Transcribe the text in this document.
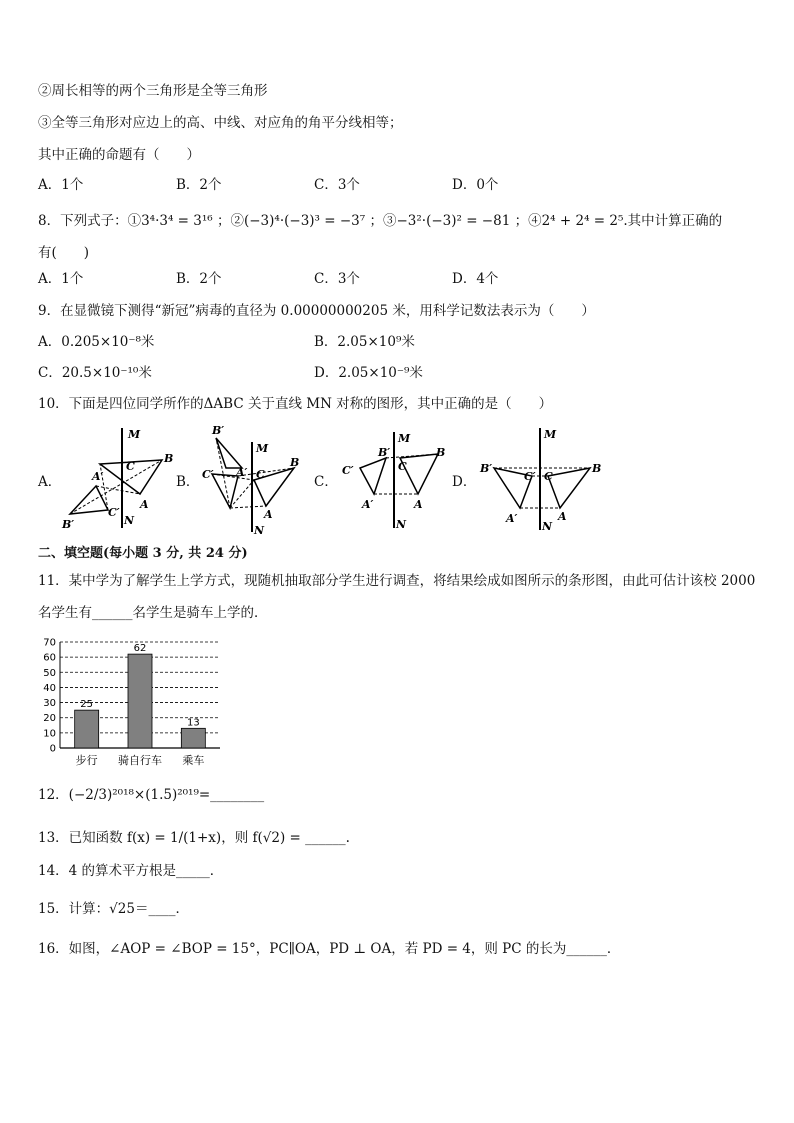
②周长相等的两个三角形是全等三角形
③全等三角形对应边上的高、中线、对应角的角平分线相等；
其中正确的命题有（　　）
A．1个	B．2个	C．3个	D．0个
8．下列式子：①3⁴·3⁴ = 3¹⁶ ；②(−3)⁴·(−3)³ = −3⁷ ；③−3²·(−3)² = −81 ；④2⁴ + 2⁴ = 2⁵.其中计算正确的
有(　　)
A．1个	B．2个	C．3个	D．4个
9．在显微镜下测得“新冠”病毒的直径为 0.00000000205 米，用科学记数法表示为（　　）
A．0.205×10⁻⁸米	B．2.05×10⁹米
C．20.5×10⁻¹⁰米	D．2.05×10⁻⁹米
10．下面是四位同学所作的ΔABC 关于直线 MN 对称的图形，其中正确的是（　　）
A．	B．	C．	D．
M
N
C
B
A
A′
C′
B′
B′
M
N
C′ A′ C
B
A
M
N
B′
C′
A′
C
B
A
M
N
B′	B
C′ C
A′	A
二、填空题(每小题 3 分, 共 24 分)
11．某中学为了解学生上学方式，现随机抽取部分学生进行调查，将结果绘成如图所示的条形图，由此可估计该校 2000
名学生有______名学生是骑车上学的．
0
10
20
30
40
50
60
70
25
步行
62
骑自行车
13
乘车
12．(−2/3)²⁰¹⁸×(1.5)²⁰¹⁹=________
13．已知函数 f(x) = 1/(1+x)，则 f(√2) = ______.
14．4 的算术平方根是_____．
15．计算：√25＝____．
16．如图，∠AOP = ∠BOP = 15°，PC∥OA，PD ⊥ OA，若 PD = 4，则 PC 的长为______．
